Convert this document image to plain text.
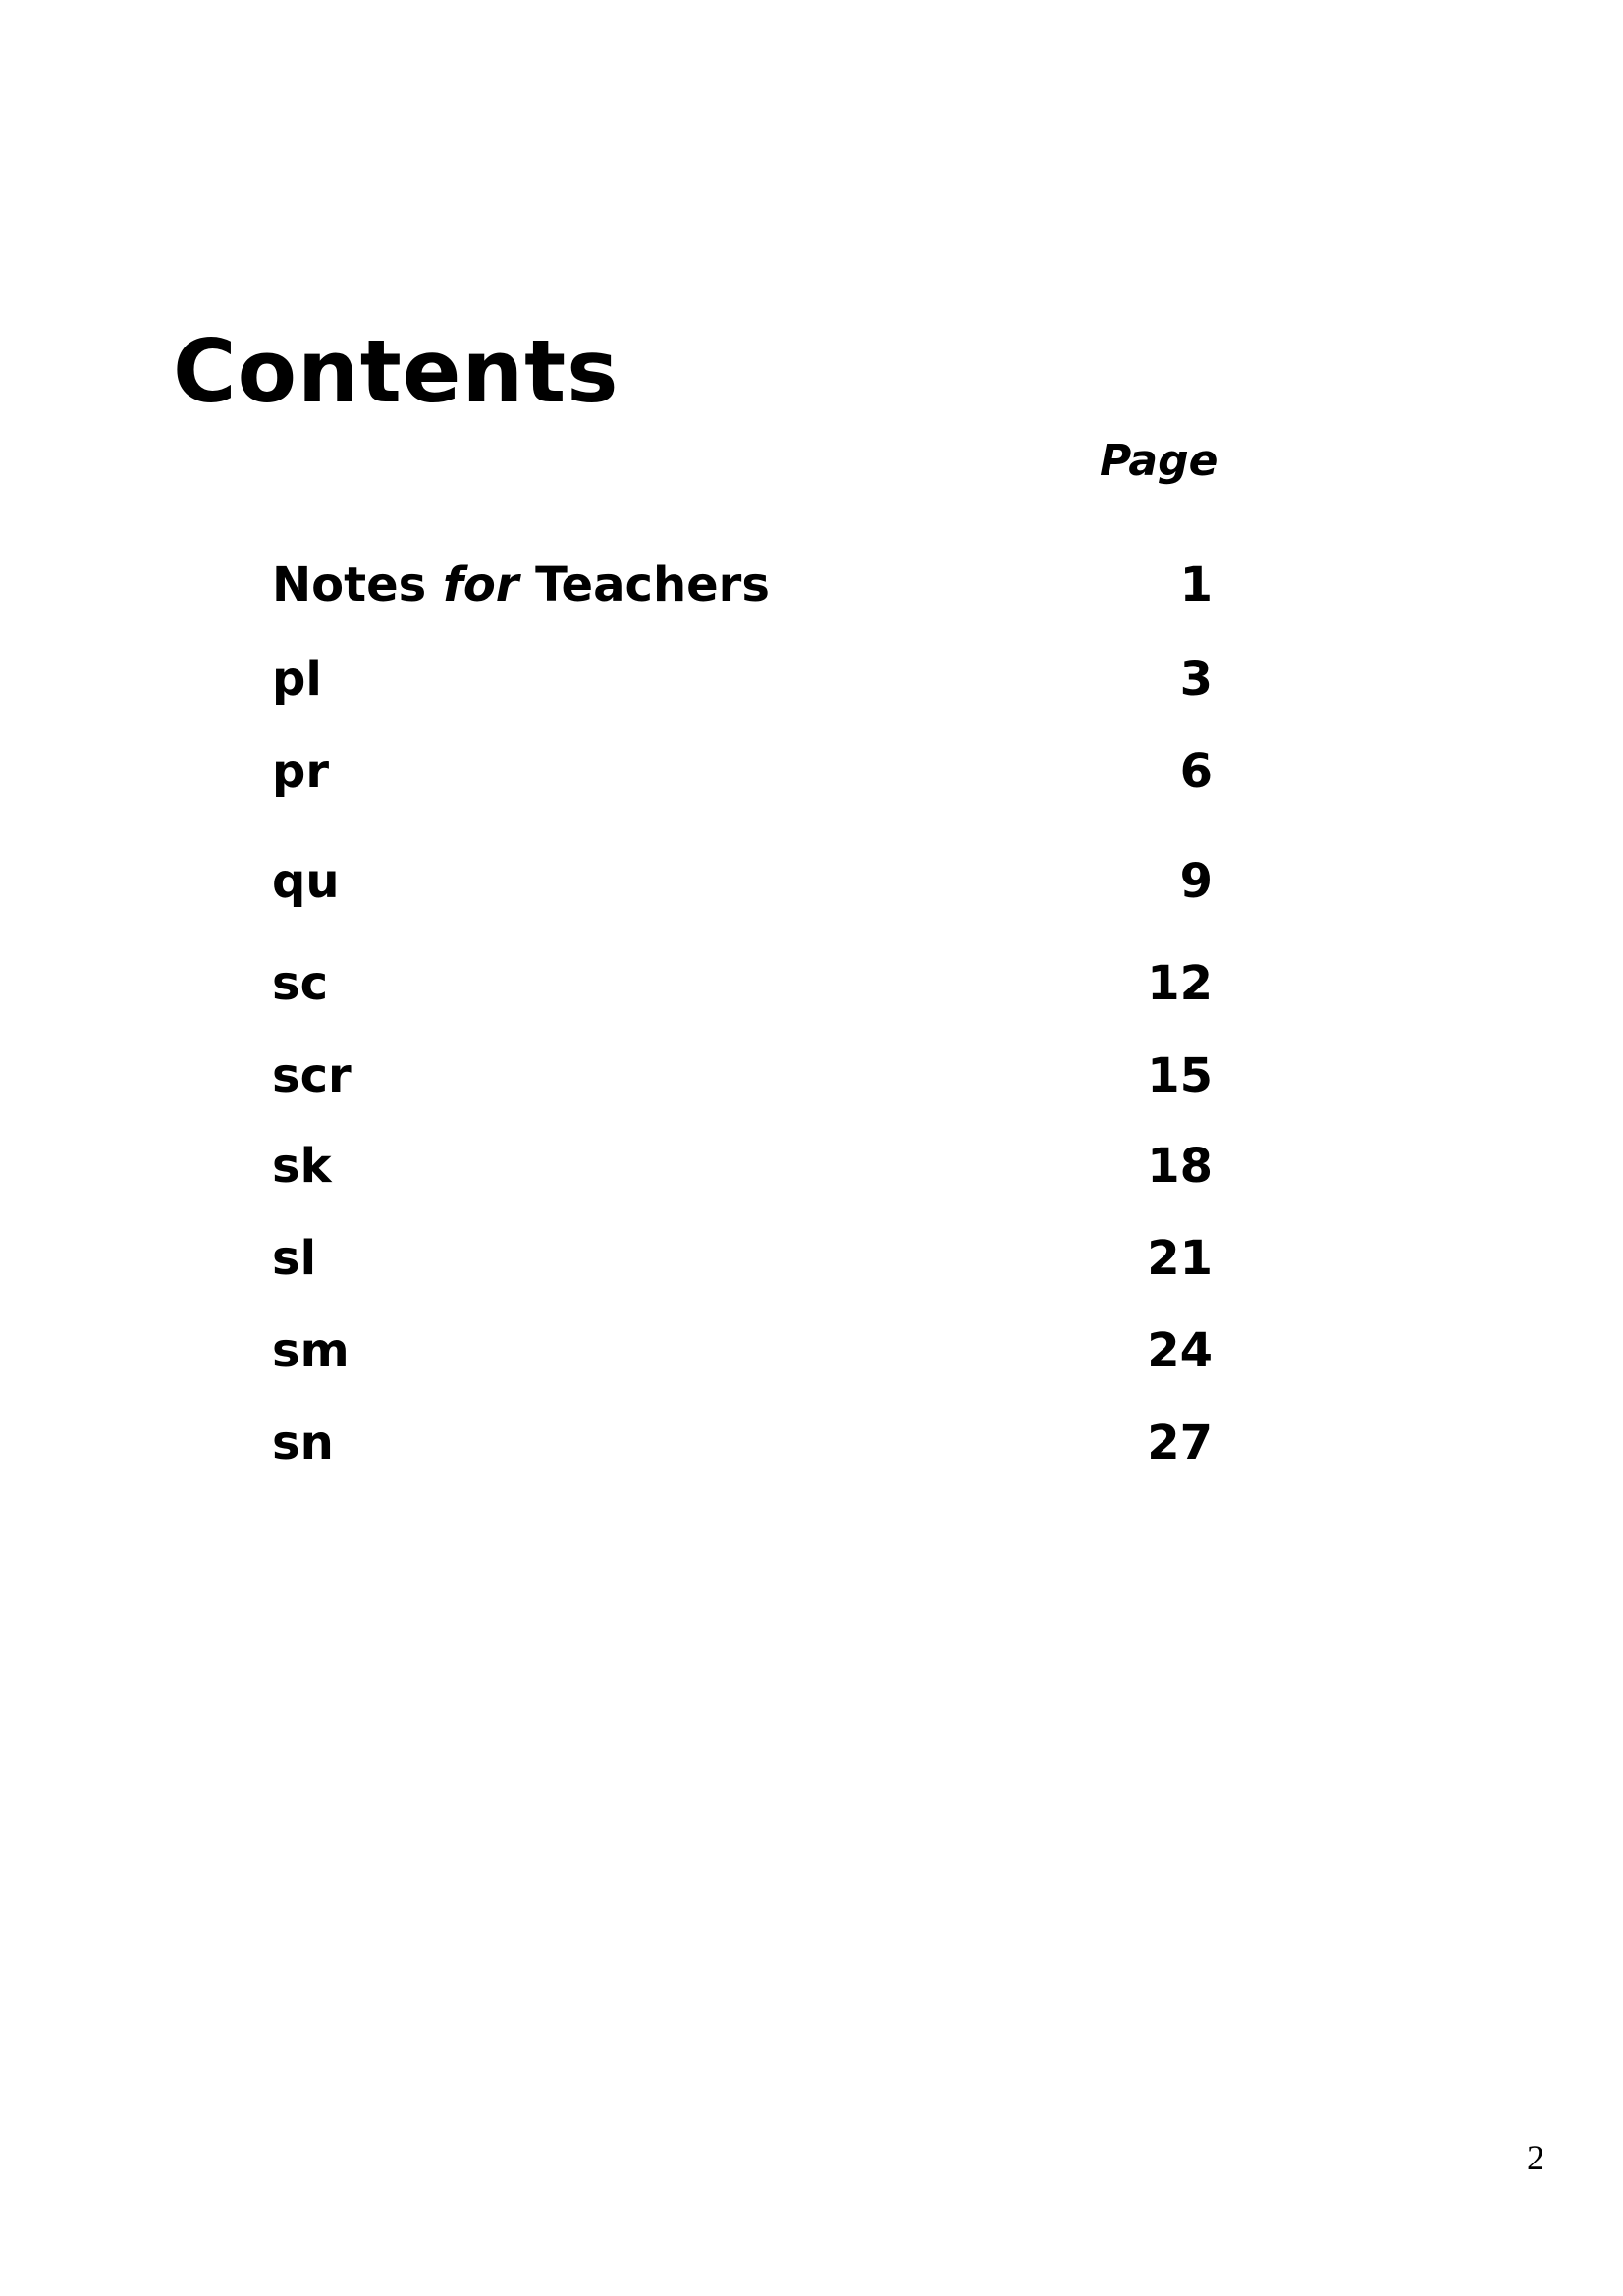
Contents
Page
Notes for Teachers	1
pl	3
pr	6
qu	9
sc	12
scr	15
sk	18
sl	21
sm	24
sn	27
2
